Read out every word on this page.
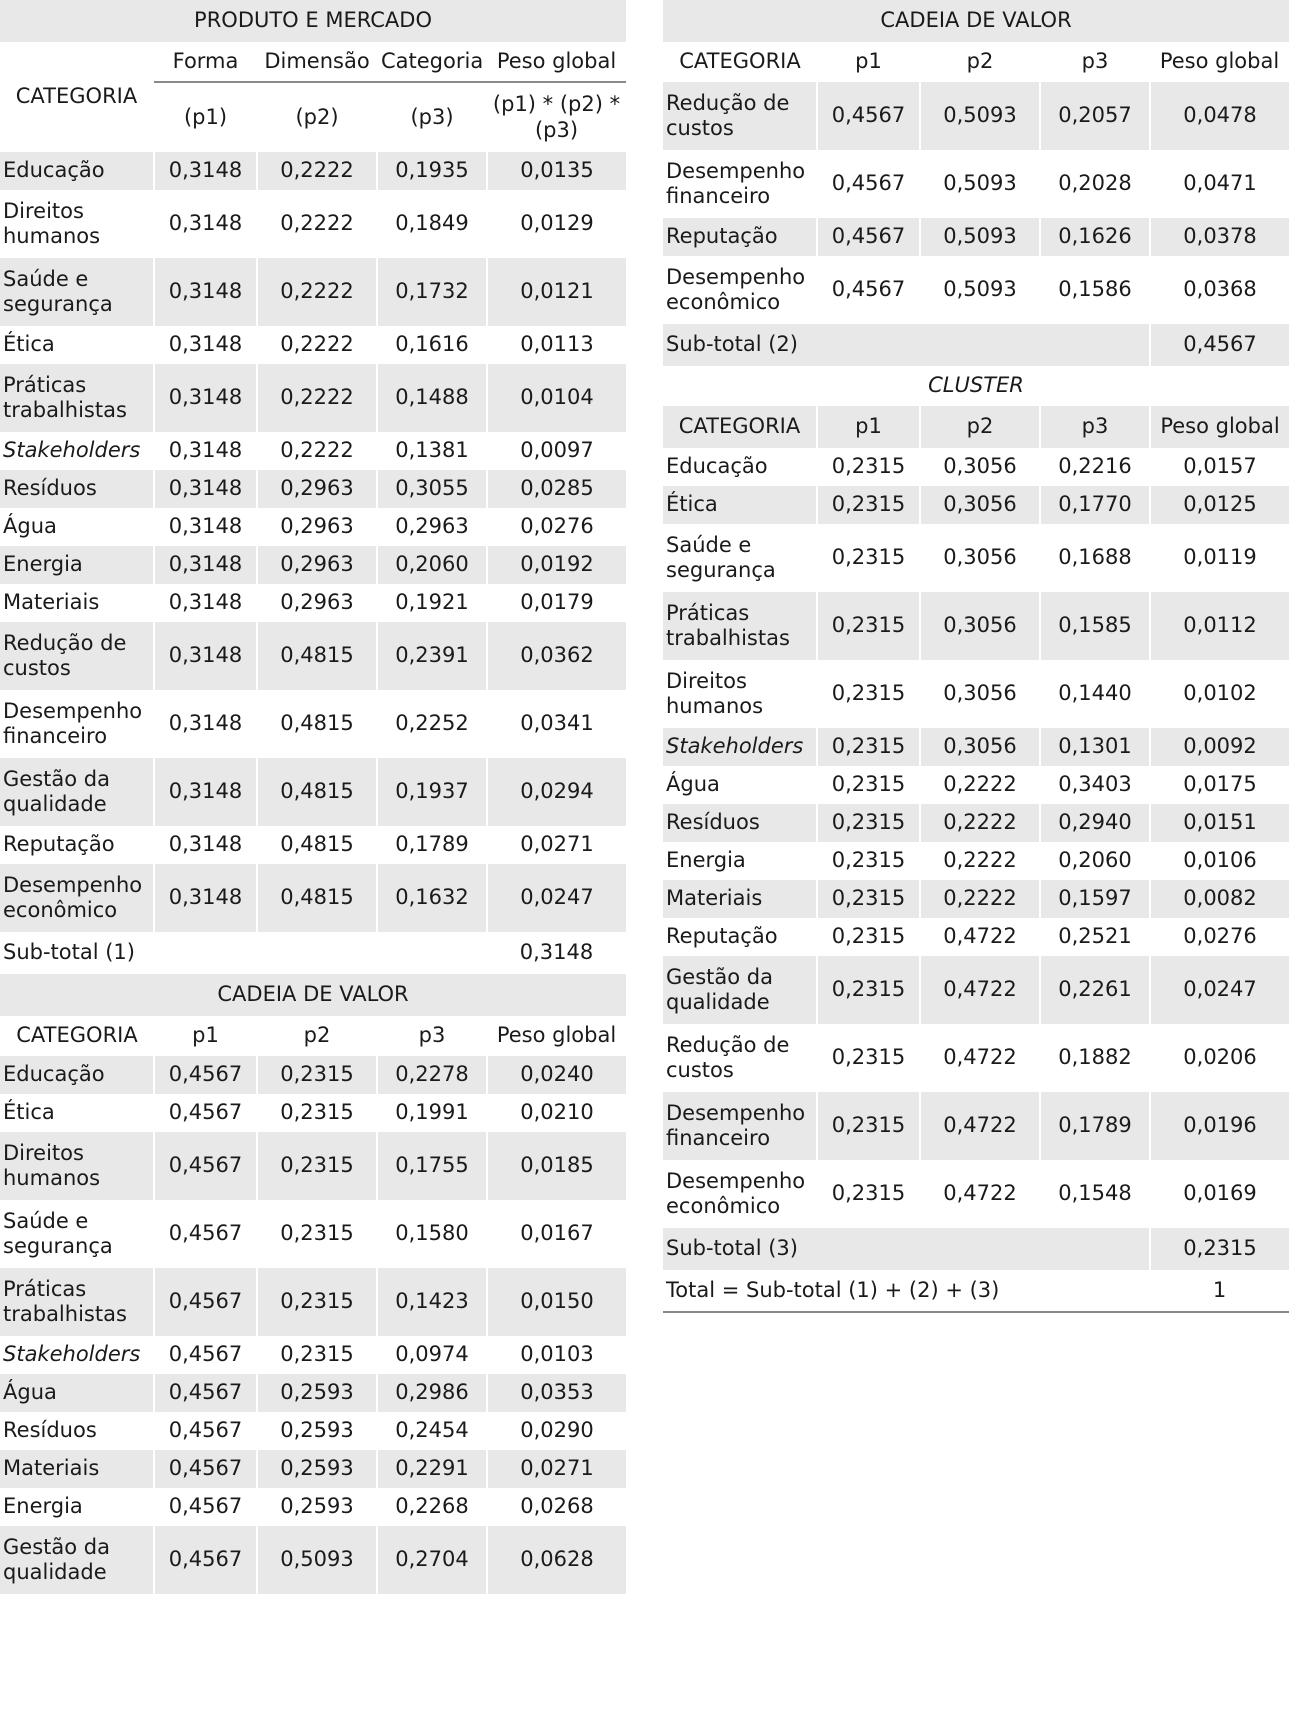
PRODUTO E MERCADO				
CATEGORIA	Forma	Dimensão	Categoria	Peso global
	(p1)	(p2)	(p3)	(p1) * (p2) * (p3)
Educação	0,3148	0,2222	0,1935	0,0135
Direitos humanos	0,3148	0,2222	0,1849	0,0129
Saúde e segurança	0,3148	0,2222	0,1732	0,0121
Ética	0,3148	0,2222	0,1616	0,0113
Práticas trabalhistas	0,3148	0,2222	0,1488	0,0104
Stakeholders	0,3148	0,2222	0,1381	0,0097
Resíduos	0,3148	0,2963	0,3055	0,0285
Água	0,3148	0,2963	0,2963	0,0276
Energia	0,3148	0,2963	0,2060	0,0192
Materiais	0,3148	0,2963	0,1921	0,0179
Redução de custos	0,3148	0,4815	0,2391	0,0362
Desempenho financeiro	0,3148	0,4815	0,2252	0,0341
Gestão da qualidade	0,3148	0,4815	0,1937	0,0294
Reputação	0,3148	0,4815	0,1789	0,0271
Desempenho econômico	0,3148	0,4815	0,1632	0,0247
Sub-total (1)				0,3148
CADEIA DE VALOR				
CATEGORIA	p1	p2	p3	Peso global
Educação	0,4567	0,2315	0,2278	0,0240
Ética	0,4567	0,2315	0,1991	0,0210
Direitos humanos	0,4567	0,2315	0,1755	0,0185
Saúde e segurança	0,4567	0,2315	0,1580	0,0167
Práticas trabalhistas	0,4567	0,2315	0,1423	0,0150
Stakeholders	0,4567	0,2315	0,0974	0,0103
Água	0,4567	0,2593	0,2986	0,0353
Resíduos	0,4567	0,2593	0,2454	0,0290
Materiais	0,4567	0,2593	0,2291	0,0271
Energia	0,4567	0,2593	0,2268	0,0268
Gestão da qualidade	0,4567	0,5093	0,2704	0,0628
CADEIA DE VALOR				
CATEGORIA	p1	p2	p3	Peso global
Redução de custos	0,4567	0,5093	0,2057	0,0478
Desempenho financeiro	0,4567	0,5093	0,2028	0,0471
Reputação	0,4567	0,5093	0,1626	0,0378
Desempenho econômico	0,4567	0,5093	0,1586	0,0368
Sub-total (2)				0,4567
CLUSTER				
CATEGORIA	p1	p2	p3	Peso global
Educação	0,2315	0,3056	0,2216	0,0157
Ética	0,2315	0,3056	0,1770	0,0125
Saúde e segurança	0,2315	0,3056	0,1688	0,0119
Práticas trabalhistas	0,2315	0,3056	0,1585	0,0112
Direitos humanos	0,2315	0,3056	0,1440	0,0102
Stakeholders	0,2315	0,3056	0,1301	0,0092
Água	0,2315	0,2222	0,3403	0,0175
Resíduos	0,2315	0,2222	0,2940	0,0151
Energia	0,2315	0,2222	0,2060	0,0106
Materiais	0,2315	0,2222	0,1597	0,0082
Reputação	0,2315	0,4722	0,2521	0,0276
Gestão da qualidade	0,2315	0,4722	0,2261	0,0247
Redução de custos	0,2315	0,4722	0,1882	0,0206
Desempenho financeiro	0,2315	0,4722	0,1789	0,0196
Desempenho econômico	0,2315	0,4722	0,1548	0,0169
Sub-total (3)				0,2315
Total = Sub-total (1) + (2) + (3)				1
